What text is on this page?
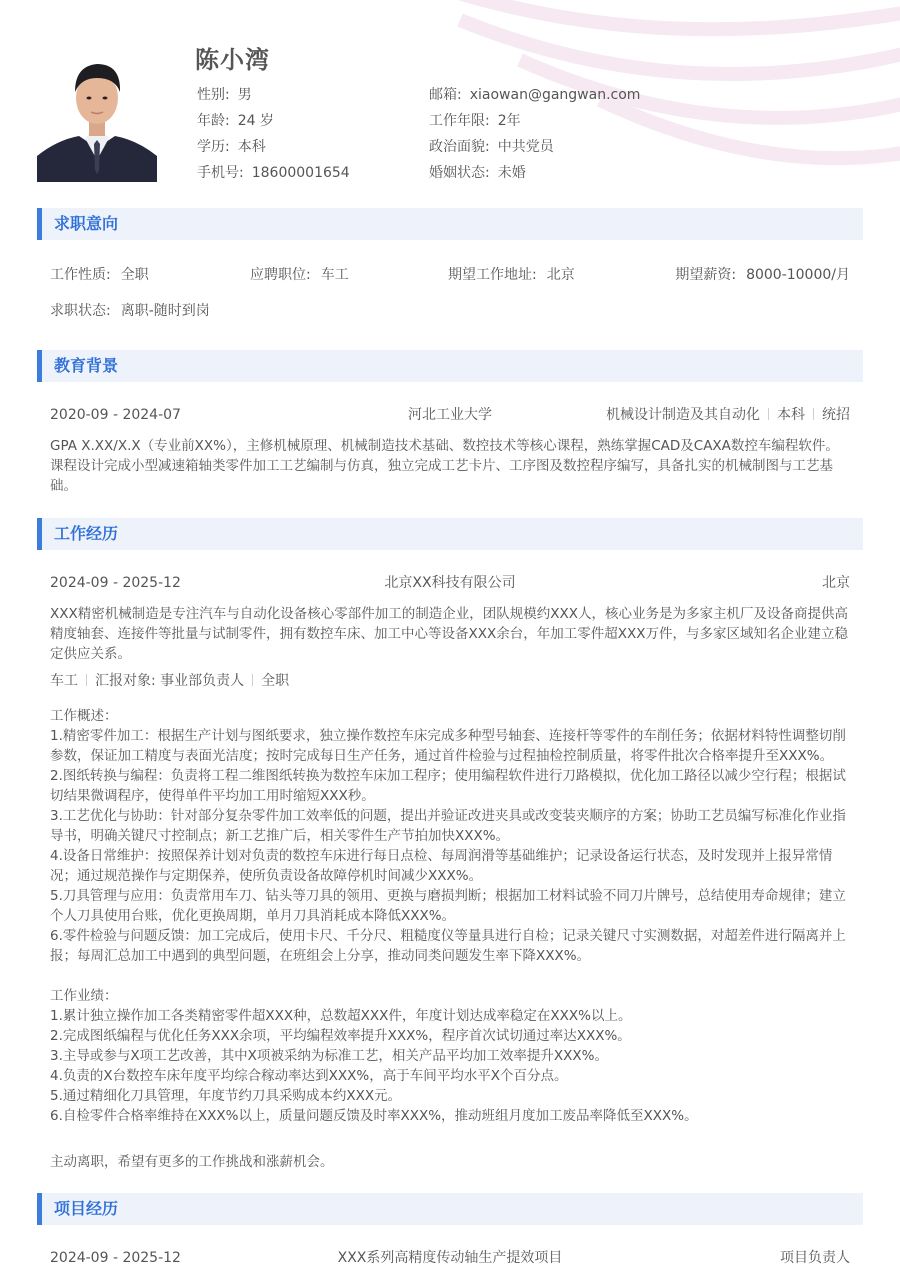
陈小湾
性别: 男	邮箱: xiaowan@gangwan.com
年龄: 24 岁	工作年限: 2年
学历: 本科	政治面貌: 中共党员
手机号: 18600001654	婚姻状态: 未婚
求职意向
工作性质: 全职	应聘职位: 车工	期望工作地址: 北京	期望薪资: 8000-10000/月
求职状态: 离职-随时到岗
教育背景
2020-09 - 2024-07	河北工业大学	机械设计制造及其自动化 本科 统招

GPA X.XX/X.X（专业前XX%），主修机械原理、机械制造技术基础、数控技术等核心课程，熟练掌握CAD及CAXA数控车编程软件。课程设计完成小型减速箱轴类零件加工工艺编制与仿真，独立完成工艺卡片、工序图及数控程序编写，具备扎实的机械制图与工艺基础。

工作经历
2024-09 - 2025-12	北京XX科技有限公司	北京

XXX精密机械制造是专注汽车与自动化设备核心零部件加工的制造企业，团队规模约XXX人，核心业务是为多家主机厂及设备商提供高精度轴套、连接件等批量与试制零件，拥有数控车床、加工中心等设备XXX余台，年加工零件超XXX万件，与多家区域知名企业建立稳定供应关系。

车工 汇报对象: 事业部负责人 全职

工作概述：

1.精密零件加工：根据生产计划与图纸要求，独立操作数控车床完成多种型号轴套、连接杆等零件的车削任务；依据材料特性调整切削参数，保证加工精度与表面光洁度；按时完成每日生产任务，通过首件检验与过程抽检控制质量，将零件批次合格率提升至XXX%。

2.图纸转换与编程：负责将工程二维图纸转换为数控车床加工程序；使用编程软件进行刀路模拟，优化加工路径以减少空行程；根据试切结果微调程序，使得单件平均加工用时缩短XXX秒。

3.工艺优化与协助：针对部分复杂零件加工效率低的问题，提出并验证改进夹具或改变装夹顺序的方案；协助工艺员编写标准化作业指导书，明确关键尺寸控制点；新工艺推广后，相关零件生产节拍加快XXX%。

4.设备日常维护：按照保养计划对负责的数控车床进行每日点检、每周润滑等基础维护；记录设备运行状态，及时发现并上报异常情况；通过规范操作与定期保养，使所负责设备故障停机时间减少XXX%。

5.刀具管理与应用：负责常用车刀、钻头等刀具的领用、更换与磨损判断；根据加工材料试验不同刀片牌号，总结使用寿命规律；建立个人刀具使用台账，优化更换周期，单月刀具消耗成本降低XXX%。

6.零件检验与问题反馈：加工完成后，使用卡尺、千分尺、粗糙度仪等量具进行自检；记录关键尺寸实测数据，对超差件进行隔离并上报；每周汇总加工中遇到的典型问题，在班组会上分享，推动同类问题发生率下降XXX%。

工作业绩：

1.累计独立操作加工各类精密零件超XXX种，总数超XXX件，年度计划达成率稳定在XXX%以上。

2.完成图纸编程与优化任务XXX余项，平均编程效率提升XXX%，程序首次试切通过率达XXX%。

3.主导或参与X项工艺改善，其中X项被采纳为标准工艺，相关产品平均加工效率提升XXX%。

4.负责的X台数控车床年度平均综合稼动率达到XXX%，高于车间平均水平X个百分点。

5.通过精细化刀具管理，年度节约刀具采购成本约XXX元。

6.自检零件合格率维持在XXX%以上，质量问题反馈及时率XXX%，推动班组月度加工废品率降低至XXX%。

主动离职，希望有更多的工作挑战和涨薪机会。

项目经历
2024-09 - 2025-12	XXX系列高精度传动轴生产提效项目	项目负责人
